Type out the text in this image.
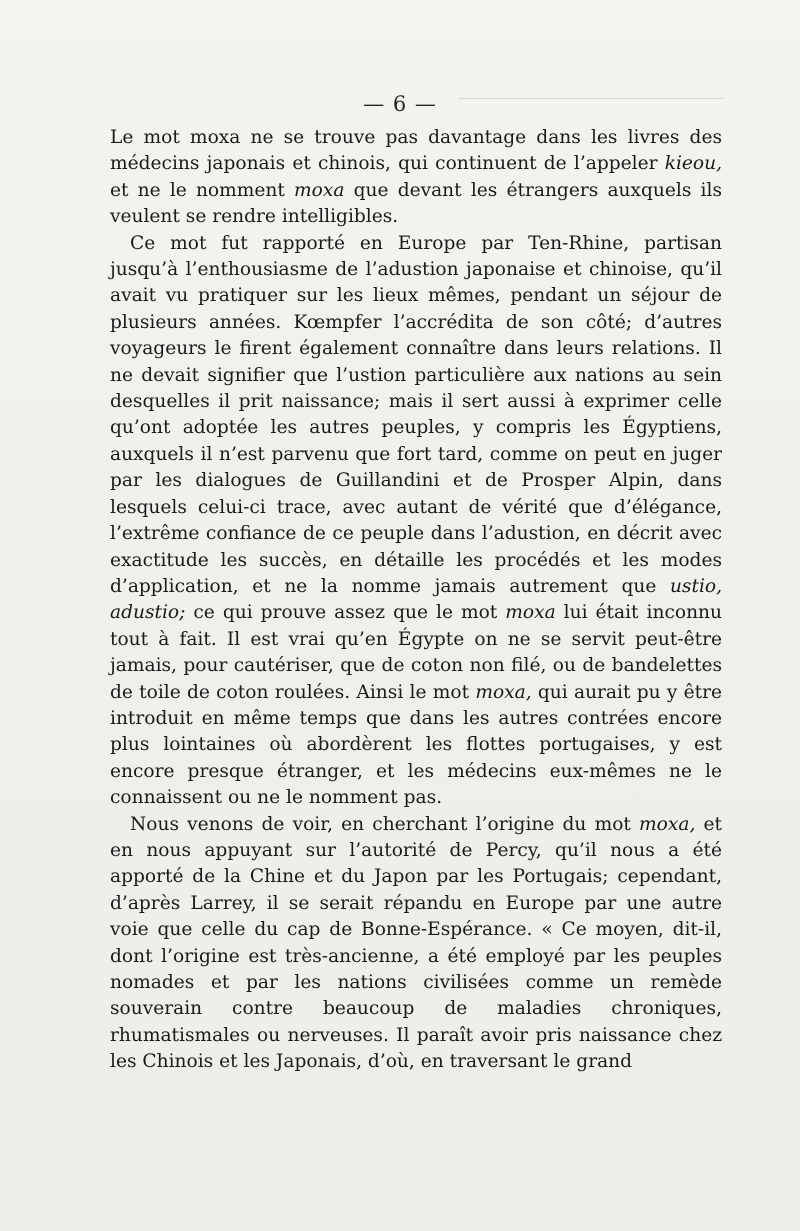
— 6 —

Le mot moxa ne se trouve pas davantage dans les livres des médecins japonais et chinois, qui continuent de l’appeler kieou, et ne le nomment moxa que devant les étrangers auxquels ils veulent se rendre intelligibles.

Ce mot fut rapporté en Europe par Ten-Rhine, partisan jusqu’à l’enthousiasme de l’adustion japonaise et chinoise, qu’il avait vu pratiquer sur les lieux mêmes, pendant un séjour de plusieurs années. Kœmpfer l’accrédita de son côté; d’autres voyageurs le firent également connaître dans leurs relations. Il ne devait signifier que l’ustion particulière aux nations au sein desquelles il prit naissance; mais il sert aussi à exprimer celle qu’ont adoptée les autres peuples, y compris les Égyptiens, auxquels il n’est parvenu que fort tard, comme on peut en juger par les dialogues de Guillandini et de Prosper Alpin, dans lesquels celui-ci trace, avec autant de vérité que d’élégance, l’extrême confiance de ce peuple dans l’adustion, en décrit avec exactitude les succès, en détaille les procédés et les modes d’application, et ne la nomme jamais autrement que ustio, adustio; ce qui prouve assez que le mot moxa lui était inconnu tout à fait. Il est vrai qu’en Égypte on ne se servit peut-être jamais, pour cautériser, que de coton non filé, ou de bandelettes de toile de coton roulées. Ainsi le mot moxa, qui aurait pu y être introduit en même temps que dans les autres contrées encore plus lointaines où abordèrent les flottes portugaises, y est encore presque étranger, et les médecins eux-mêmes ne le connaissent ou ne le nomment pas.

Nous venons de voir, en cherchant l’origine du mot moxa, et en nous appuyant sur l’autorité de Percy, qu’il nous a été apporté de la Chine et du Japon par les Portugais; cependant, d’après Larrey, il se serait répandu en Europe par une autre voie que celle du cap de Bonne-Espérance. « Ce moyen, dit-il, dont l’origine est très-ancienne, a été employé par les peuples nomades et par les nations civilisées comme un remède souverain contre beaucoup de maladies chroniques, rhumatismales ou nerveuses. Il paraît avoir pris naissance chez les Chinois et les Japonais, d’où, en traversant le grand
